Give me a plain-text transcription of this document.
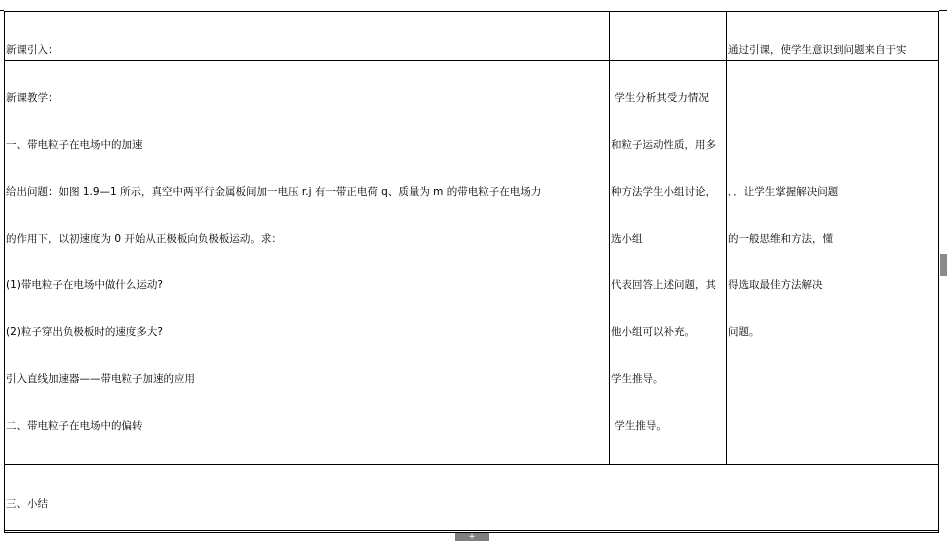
新课引入：

	通过引课，使学生意识到问题来自于实

新课教学：

一、带电粒子在电场中的加速

给出问题：如图 1.9—1 所示，真空中两平行金属板间加一电压 r.j 有一带正电荷 q、质量为 m 的带电粒子在电场力

的作用下，以初速度为 0 开始从正极板向负极板运动。求：

(1)带电粒子在电场中做什么运动?

(2)粒子穿出负极板时的速度多大?

引入直线加速器——带电粒子加速的应用

二、带电粒子在电场中的偏转

学生分析其受力情况

和粒子运动性质，用多

种方法学生小组讨论，

选小组

代表回答上述问题，其

他小组可以补充。

学生推导。

学生推导。

．．让学生掌握解决问题

的一般思维和方法，懂

得选取最佳方法解决

问题。

三、小结

+
